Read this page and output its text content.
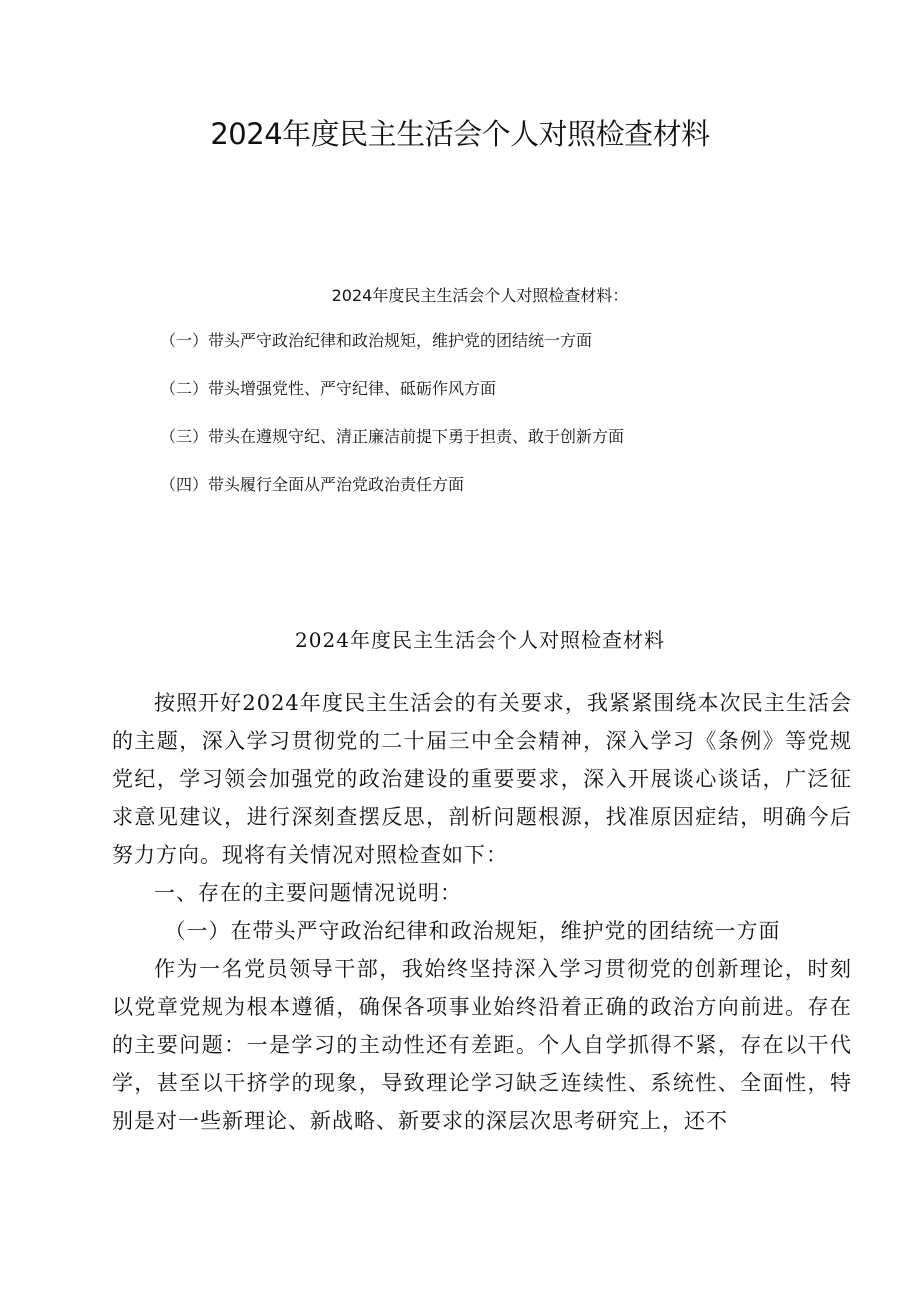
2024年度民主生活会个人对照检查材料
2024年度民主生活会个人对照检查材料：
（一）带头严守政治纪律和政治规矩，维护党的团结统一方面
（二）带头增强党性、严守纪律、砥砺作风方面
（三）带头在遵规守纪、清正廉洁前提下勇于担责、敢于创新方面
（四）带头履行全面从严治党政治责任方面
2024年度民主生活会个人对照检查材料

按照开好2024年度民主生活会的有关要求，我紧紧围绕本次民主生活会的主题，深入学习贯彻党的二十届三中全会精神，深入学习《条例》等党规党纪，学习领会加强党的政治建设的重要要求，深入开展谈心谈话，广泛征求意见建议，进行深刻查摆反思，剖析问题根源，找准原因症结，明确今后努力方向。现将有关情况对照检查如下：

一、存在的主要问题情况说明：

（一）在带头严守政治纪律和政治规矩，维护党的团结统一方面

作为一名党员领导干部，我始终坚持深入学习贯彻党的创新理论，时刻以党章党规为根本遵循，确保各项事业始终沿着正确的政治方向前进。存在的主要问题：一是学习的主动性还有差距。个人自学抓得不紧，存在以干代学，甚至以干挤学的现象，导致理论学习缺乏连续性、系统性、全面性，特别是对一些新理论、新战略、新要求的深层次思考研究上，还不
